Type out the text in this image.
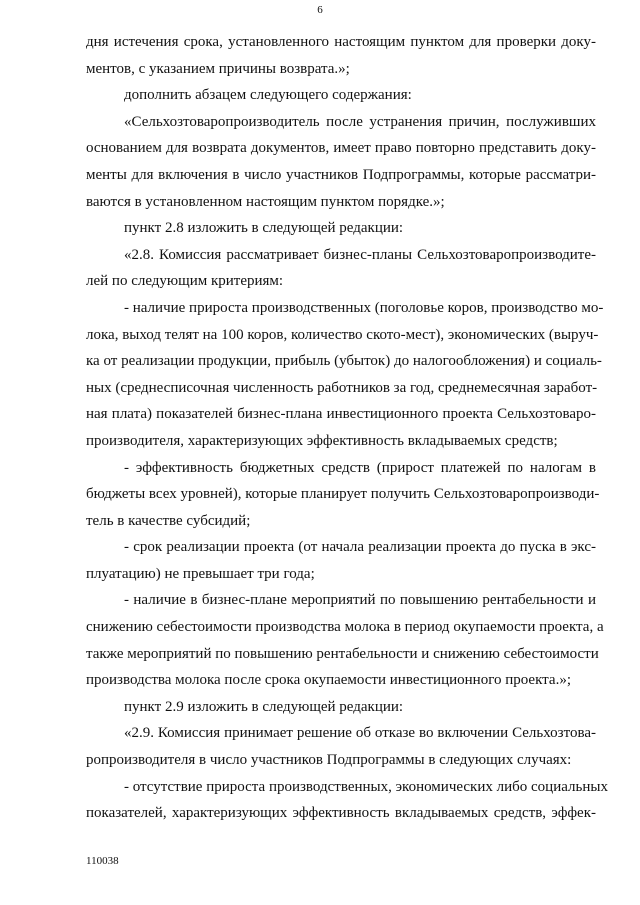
6
дня истечения срока, установленного настоящим пунктом для проверки доку-
ментов, с указанием причины возврата.»;
дополнить абзацем следующего содержания:
«Сельхозтоваропроизводитель после устранения причин, послуживших
основанием для возврата документов, имеет право повторно представить доку-
менты для включения в число участников Подпрограммы, которые рассматри-
ваются в установленном настоящим пунктом порядке.»;
пункт 2.8 изложить в следующей редакции:
«2.8. Комиссия рассматривает бизнес-планы Сельхозтоваропроизводите-
лей по следующим критериям:
- наличие прироста производственных (поголовье коров, производство мо-
лока, выход телят на 100 коров, количество ското-мест), экономических (выруч-
ка от реализации продукции, прибыль (убыток) до налогообложения) и социаль-
ных (среднесписочная численность работников за год, среднемесячная заработ-
ная плата) показателей бизнес-плана инвестиционного проекта Сельхозтоваро-
производителя, характеризующих эффективность вкладываемых средств;
- эффективность бюджетных средств (прирост платежей по налогам в
бюджеты всех уровней), которые планирует получить Сельхозтоваропроизводи-
тель в качестве субсидий;
- срок реализации проекта (от начала реализации проекта до пуска в экс-
плуатацию) не превышает три года;
- наличие в бизнес-плане мероприятий по повышению рентабельности и
снижению себестоимости производства молока в период окупаемости проекта, а
также мероприятий по повышению рентабельности и снижению себестоимости
производства молока после срока окупаемости инвестиционного проекта.»;
пункт 2.9 изложить в следующей редакции:
«2.9. Комиссия принимает решение об отказе во включении Сельхозтова-
ропроизводителя в число участников Подпрограммы в следующих случаях:
- отсутствие прироста производственных, экономических либо социальных
показателей, характеризующих эффективность вкладываемых средств, эффек-
110038
